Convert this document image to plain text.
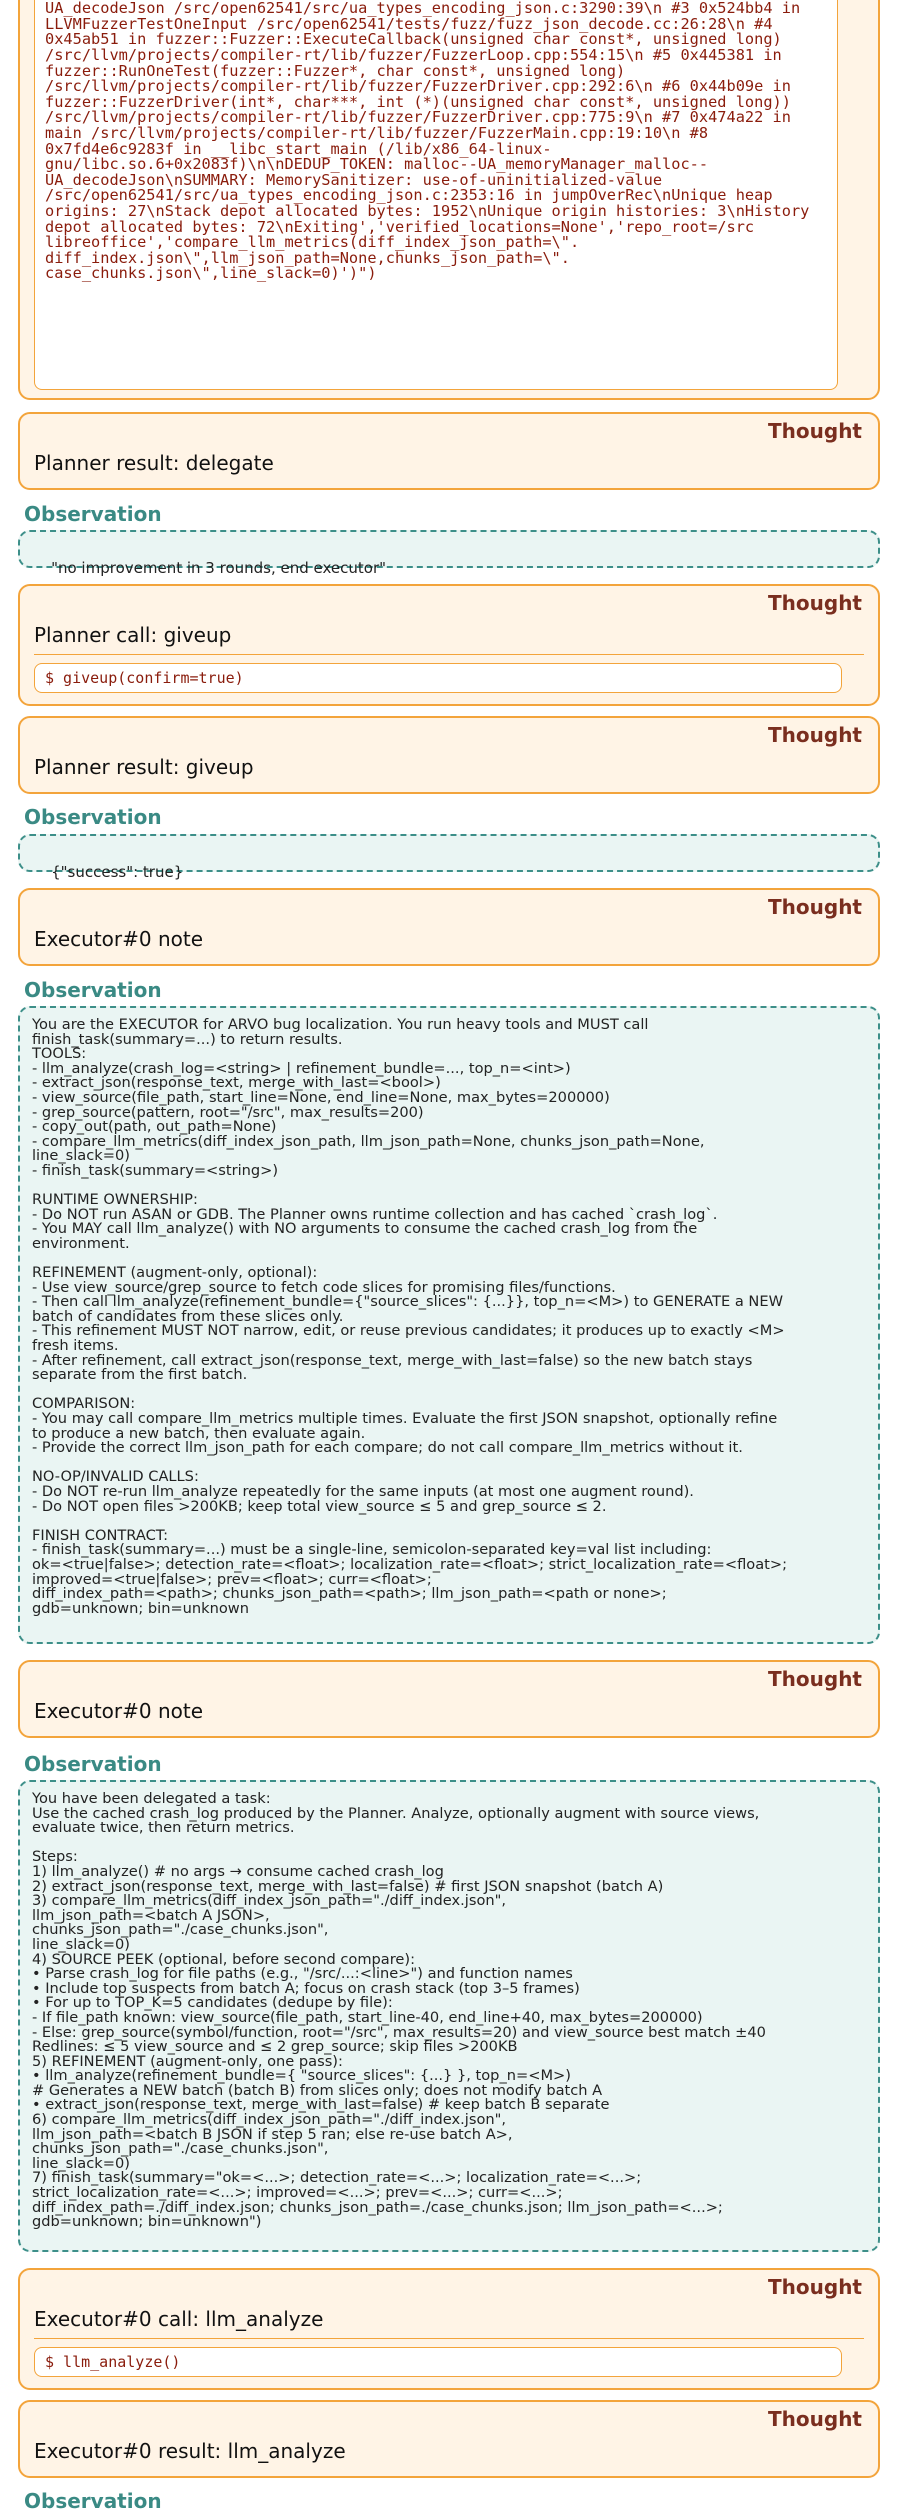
UA_decodeJson /src/open62541/src/ua_types_encoding_json.c:3290:39\n #3 0x524bb4 in LLVMFuzzerTestOneInput /src/open62541/tests/fuzz/fuzz_json_decode.cc:26:28\n #4 0x45ab51 in fuzzer::Fuzzer::ExecuteCallback(unsigned char const*, unsigned long) /src/llvm/projects/compiler-rt/lib/fuzzer/FuzzerLoop.cpp:554:15\n #5 0x445381 in fuzzer::RunOneTest(fuzzer::Fuzzer*, char const*, unsigned long) /src/llvm/projects/compiler-rt/lib/fuzzer/FuzzerDriver.cpp:292:6\n #6 0x44b09e in fuzzer::FuzzerDriver(int*, char***, int (*)(unsigned char const*, unsigned long)) /src/llvm/projects/compiler-rt/lib/fuzzer/FuzzerDriver.cpp:775:9\n #7 0x474a22 in main /src/llvm/projects/compiler-rt/lib/fuzzer/FuzzerMain.cpp:19:10\n #8 0x7fd4e6c9283f in __libc_start_main (/lib/x86_64-linux-gnu/libc.so.6+0x2083f)\n\nDEDUP_TOKEN: malloc--UA_memoryManager_malloc--UA_decodeJson\nSUMMARY: MemorySanitizer: use-of-uninitialized-value /src/open62541/src/ua_types_encoding_json.c:2353:16 in jumpOverRec\nUnique heap origins: 27\nStack depot allocated bytes: 1952\nUnique origin histories: 3\nHistory depot allocated bytes: 72\nExiting','verified_locations=None','repo_root=/src libreoffice','compare_llm_metrics(diff_index_json_path=\". diff_index.json\",llm_json_path=None,chunks_json_path=\". case_chunks.json\",line_slack=0)')")

Thought
Planner result: delegate
Observation

"no improvement in 3 rounds, end executor"

Thought
Planner call: giveup
$ giveup(confirm=true)
Thought
Planner result: giveup
Observation

{"success": true}

Thought
Executor#0 note
Observation
You are the EXECUTOR for ARVO bug localization. You run heavy tools and MUST call
finish_task(summary=...) to return results.
TOOLS:
- llm_analyze(crash_log=<string> | refinement_bundle=..., top_n=<int>)
- extract_json(response_text, merge_with_last=<bool>)
- view_source(file_path, start_line=None, end_line=None, max_bytes=200000)
- grep_source(pattern, root="/src", max_results=200)
- copy_out(path, out_path=None)
- compare_llm_metrics(diff_index_json_path, llm_json_path=None, chunks_json_path=None,
line_slack=0)
- finish_task(summary=<string>)

RUNTIME OWNERSHIP:
- Do NOT run ASAN or GDB. The Planner owns runtime collection and has cached `crash_log`.
- You MAY call llm_analyze() with NO arguments to consume the cached crash_log from the
environment.

REFINEMENT (augment-only, optional):
- Use view_source/grep_source to fetch code slices for promising files/functions.
- Then call llm_analyze(refinement_bundle={"source_slices": {...}}, top_n=<M>) to GENERATE a NEW
batch of candidates from these slices only.
- This refinement MUST NOT narrow, edit, or reuse previous candidates; it produces up to exactly <M>
fresh items.
- After refinement, call extract_json(response_text, merge_with_last=false) so the new batch stays
separate from the first batch.

COMPARISON:
- You may call compare_llm_metrics multiple times. Evaluate the first JSON snapshot, optionally refine
to produce a new batch, then evaluate again.
- Provide the correct llm_json_path for each compare; do not call compare_llm_metrics without it.

NO-OP/INVALID CALLS:
- Do NOT re-run llm_analyze repeatedly for the same inputs (at most one augment round).
- Do NOT open files >200KB; keep total view_source ≤ 5 and grep_source ≤ 2.

FINISH CONTRACT:
- finish_task(summary=...) must be a single-line, semicolon-separated key=val list including:
ok=<true|false>; detection_rate=<float>; localization_rate=<float>; strict_localization_rate=<float>;
improved=<true|false>; prev=<float>; curr=<float>;
diff_index_path=<path>; chunks_json_path=<path>; llm_json_path=<path or none>;
gdb=unknown; bin=unknown
Thought
Executor#0 note
Observation
You have been delegated a task:
Use the cached crash_log produced by the Planner. Analyze, optionally augment with source views,
evaluate twice, then return metrics.

Steps:
1) llm_analyze() # no args → consume cached crash_log
2) extract_json(response_text, merge_with_last=false) # first JSON snapshot (batch A)
3) compare_llm_metrics(diff_index_json_path="./diff_index.json",
llm_json_path=<batch A JSON>,
chunks_json_path="./case_chunks.json",
line_slack=0)
4) SOURCE PEEK (optional, before second compare):
• Parse crash_log for file paths (e.g., "/src/...:<line>") and function names
• Include top suspects from batch A; focus on crash stack (top 3–5 frames)
• For up to TOP_K=5 candidates (dedupe by file):
- If file_path known: view_source(file_path, start_line-40, end_line+40, max_bytes=200000)
- Else: grep_source(symbol/function, root="/src", max_results=20) and view_source best match ±40
Redlines: ≤ 5 view_source and ≤ 2 grep_source; skip files >200KB
5) REFINEMENT (augment-only, one pass):
• llm_analyze(refinement_bundle={ "source_slices": {...} }, top_n=<M>)
# Generates a NEW batch (batch B) from slices only; does not modify batch A
• extract_json(response_text, merge_with_last=false) # keep batch B separate
6) compare_llm_metrics(diff_index_json_path="./diff_index.json",
llm_json_path=<batch B JSON if step 5 ran; else re-use batch A>,
chunks_json_path="./case_chunks.json",
line_slack=0)
7) finish_task(summary="ok=<...>; detection_rate=<...>; localization_rate=<...>;
strict_localization_rate=<...>; improved=<...>; prev=<...>; curr=<...>;
diff_index_path=./diff_index.json; chunks_json_path=./case_chunks.json; llm_json_path=<...>;
gdb=unknown; bin=unknown")
Thought
Executor#0 call: llm_analyze
$ llm_analyze()
Thought
Executor#0 result: llm_analyze
Observation
